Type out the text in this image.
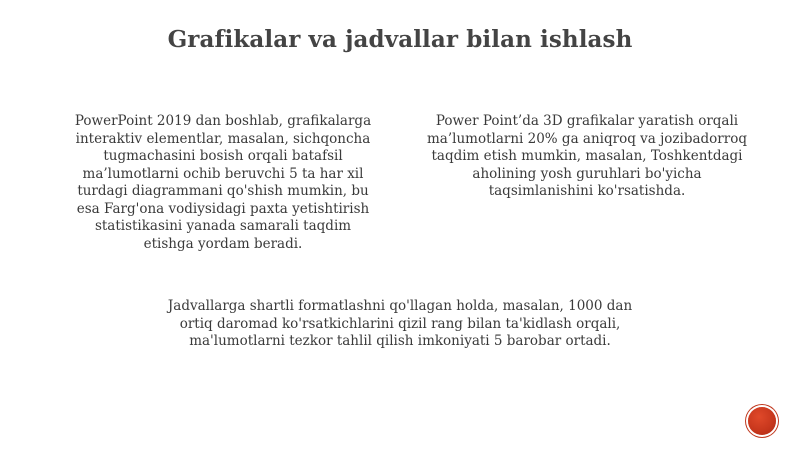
Grafikalar va jadvallar bilan ishlash
PowerPoint 2019 dan boshlab, grafikalarga
interaktiv elementlar, masalan, sichqoncha
tugmachasini bosish orqali batafsil
ma’lumotlarni ochib beruvchi 5 ta har xil
turdagi diagrammani qo'shish mumkin, bu
esa Farg'ona vodiysidagi paxta yetishtirish
statistikasini yanada samarali taqdim
etishga yordam beradi.
Power Point’da 3D grafikalar yaratish orqali
ma’lumotlarni 20% ga aniqroq va jozibadorroq
taqdim etish mumkin, masalan, Toshkentdagi
aholining yosh guruhlari bo'yicha
taqsimlanishini ko'rsatishda.
Jadvallarga shartli formatlashni qo'llagan holda, masalan, 1000 dan
ortiq daromad ko'rsatkichlarini qizil rang bilan ta'kidlash orqali,
ma'lumotlarni tezkor tahlil qilish imkoniyati 5 barobar ortadi.
